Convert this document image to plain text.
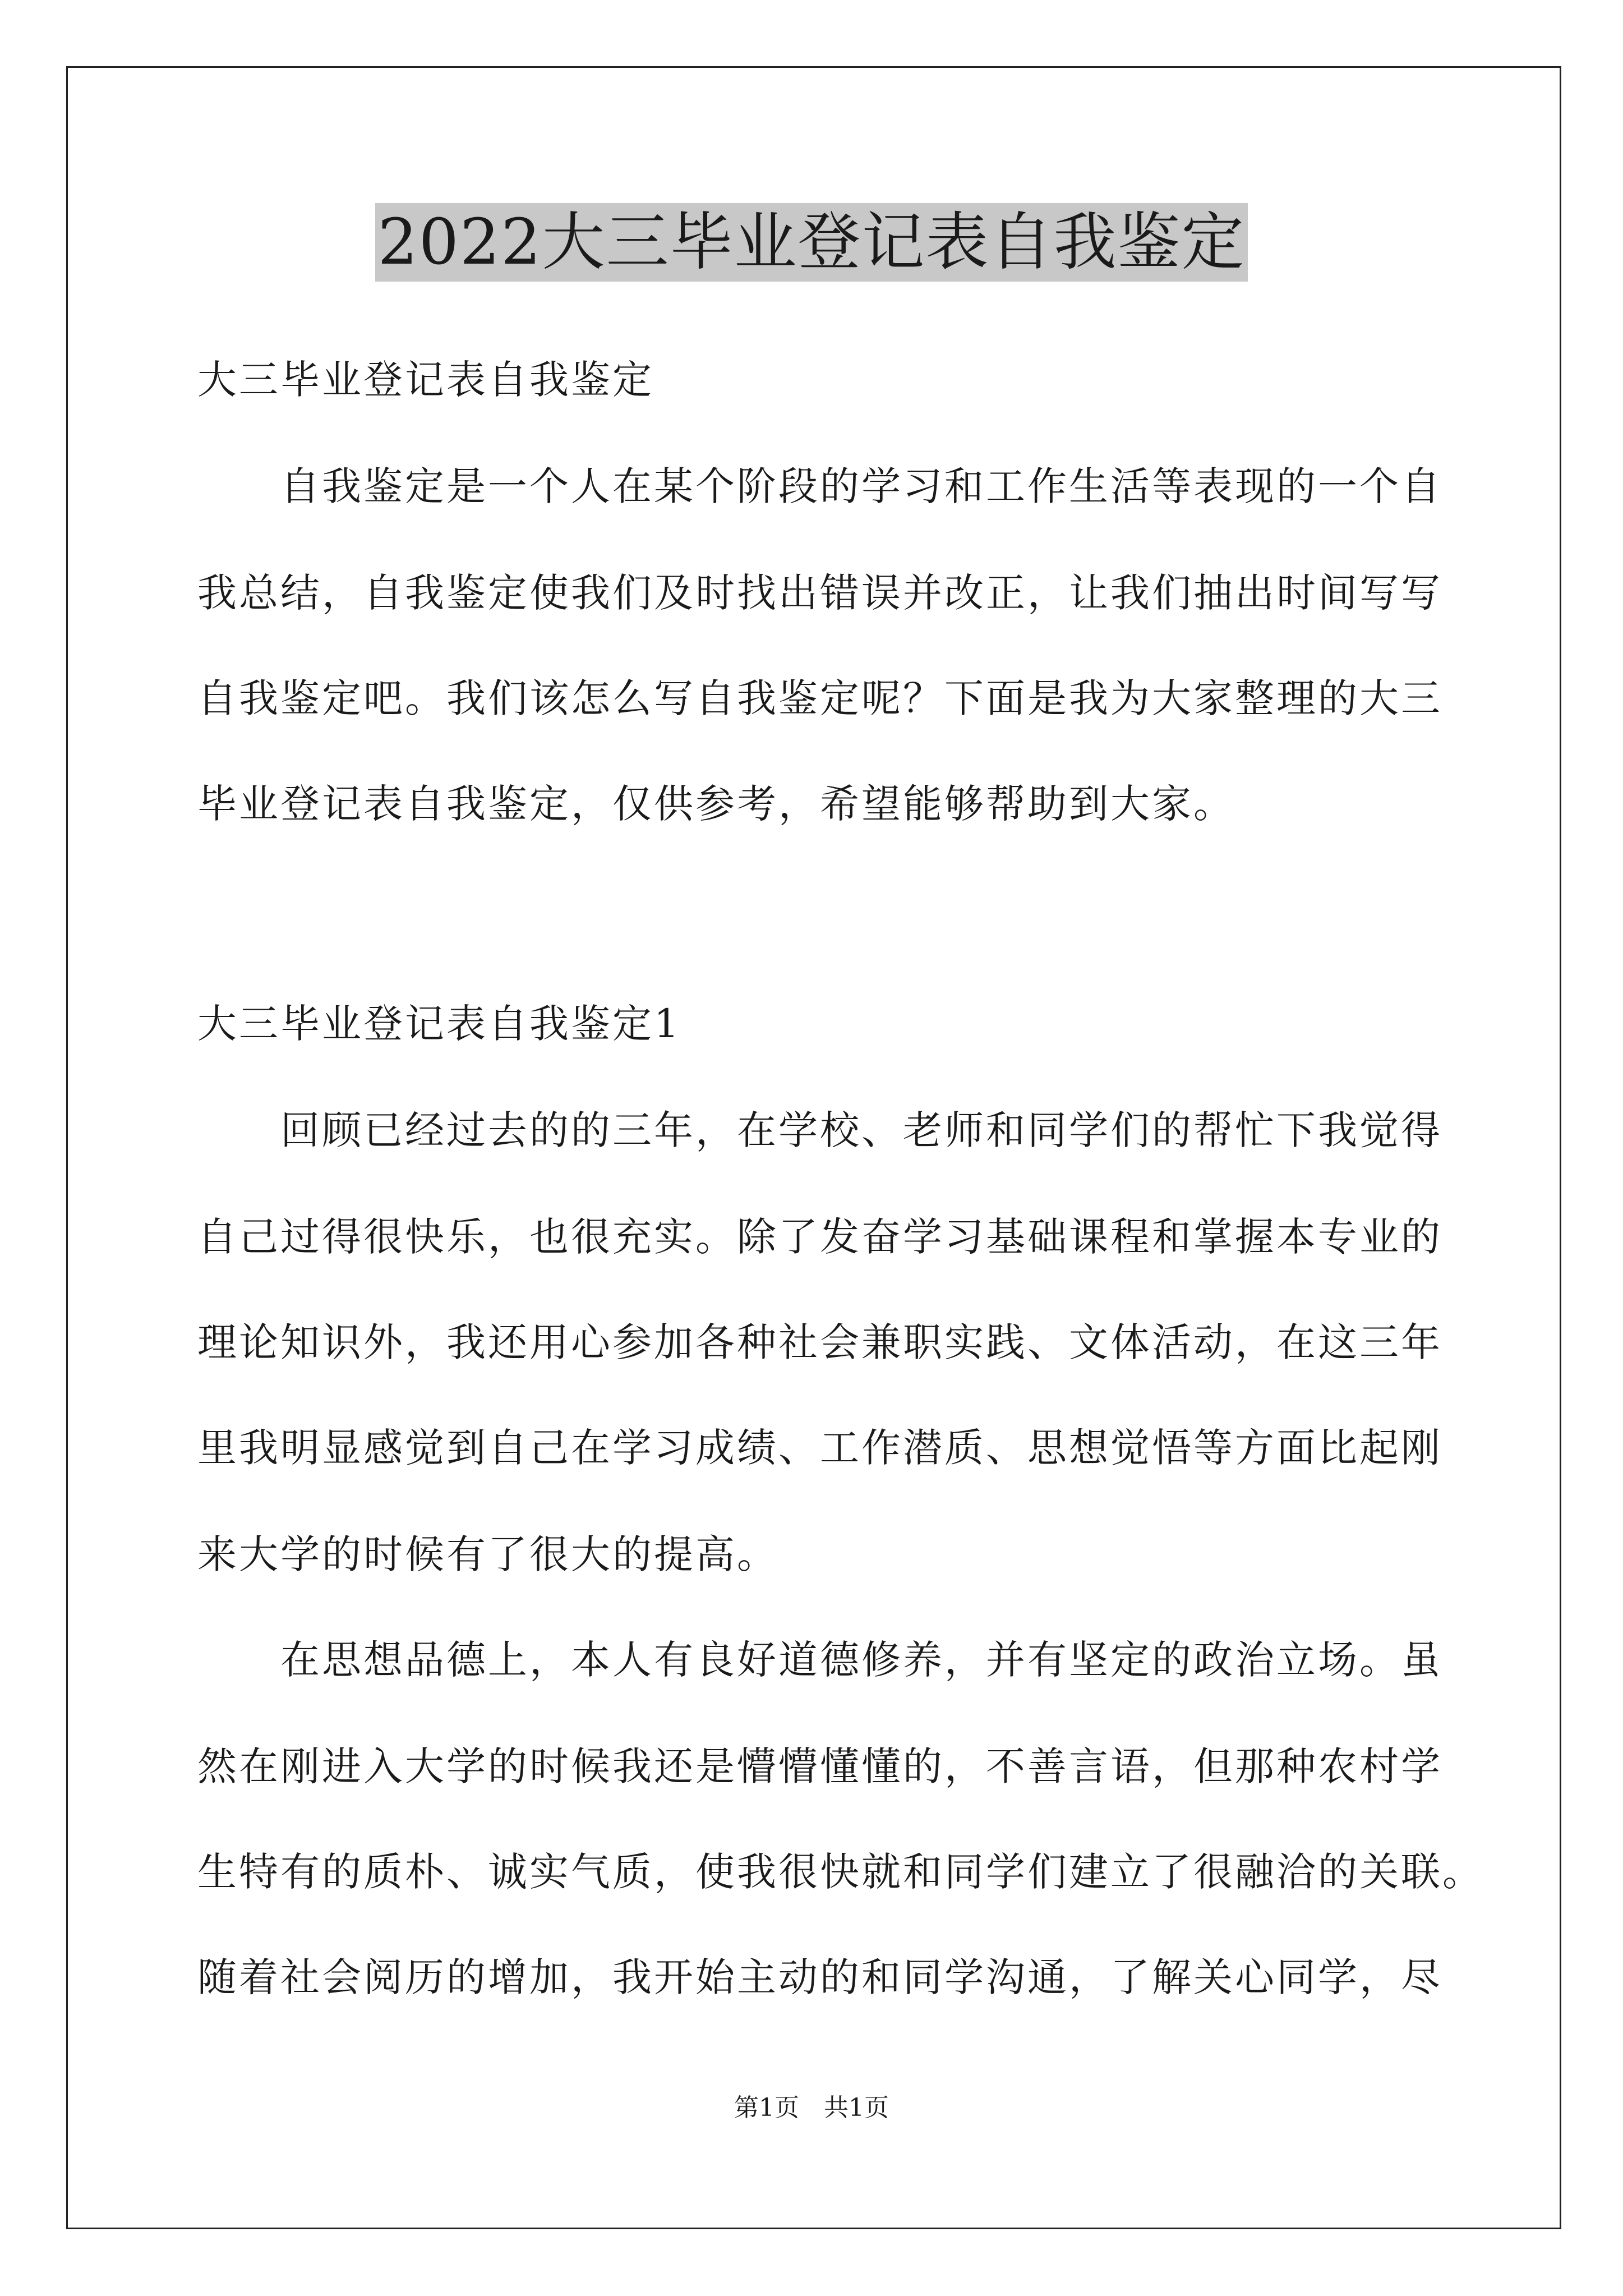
2022大三毕业登记表自我鉴定
大三毕业登记表自我鉴定
自我鉴定是一个人在某个阶段的学习和工作生活等表现的一个自
我总结，自我鉴定使我们及时找出错误并改正，让我们抽出时间写写
自我鉴定吧。我们该怎么写自我鉴定呢？下面是我为大家整理的大三
毕业登记表自我鉴定，仅供参考，希望能够帮助到大家。
大三毕业登记表自我鉴定1
回顾已经过去的的三年，在学校、老师和同学们的帮忙下我觉得
自己过得很快乐，也很充实。除了发奋学习基础课程和掌握本专业的
理论知识外，我还用心参加各种社会兼职实践、文体活动，在这三年
里我明显感觉到自己在学习成绩、工作潜质、思想觉悟等方面比起刚
来大学的时候有了很大的提高。
在思想品德上，本人有良好道德修养，并有坚定的政治立场。虽
然在刚进入大学的时候我还是懵懵懂懂的，不善言语，但那种农村学
生特有的质朴、诚实气质，使我很快就和同学们建立了很融洽的关联。
随着社会阅历的增加，我开始主动的和同学沟通，了解关心同学，尽
第1页　共1页
